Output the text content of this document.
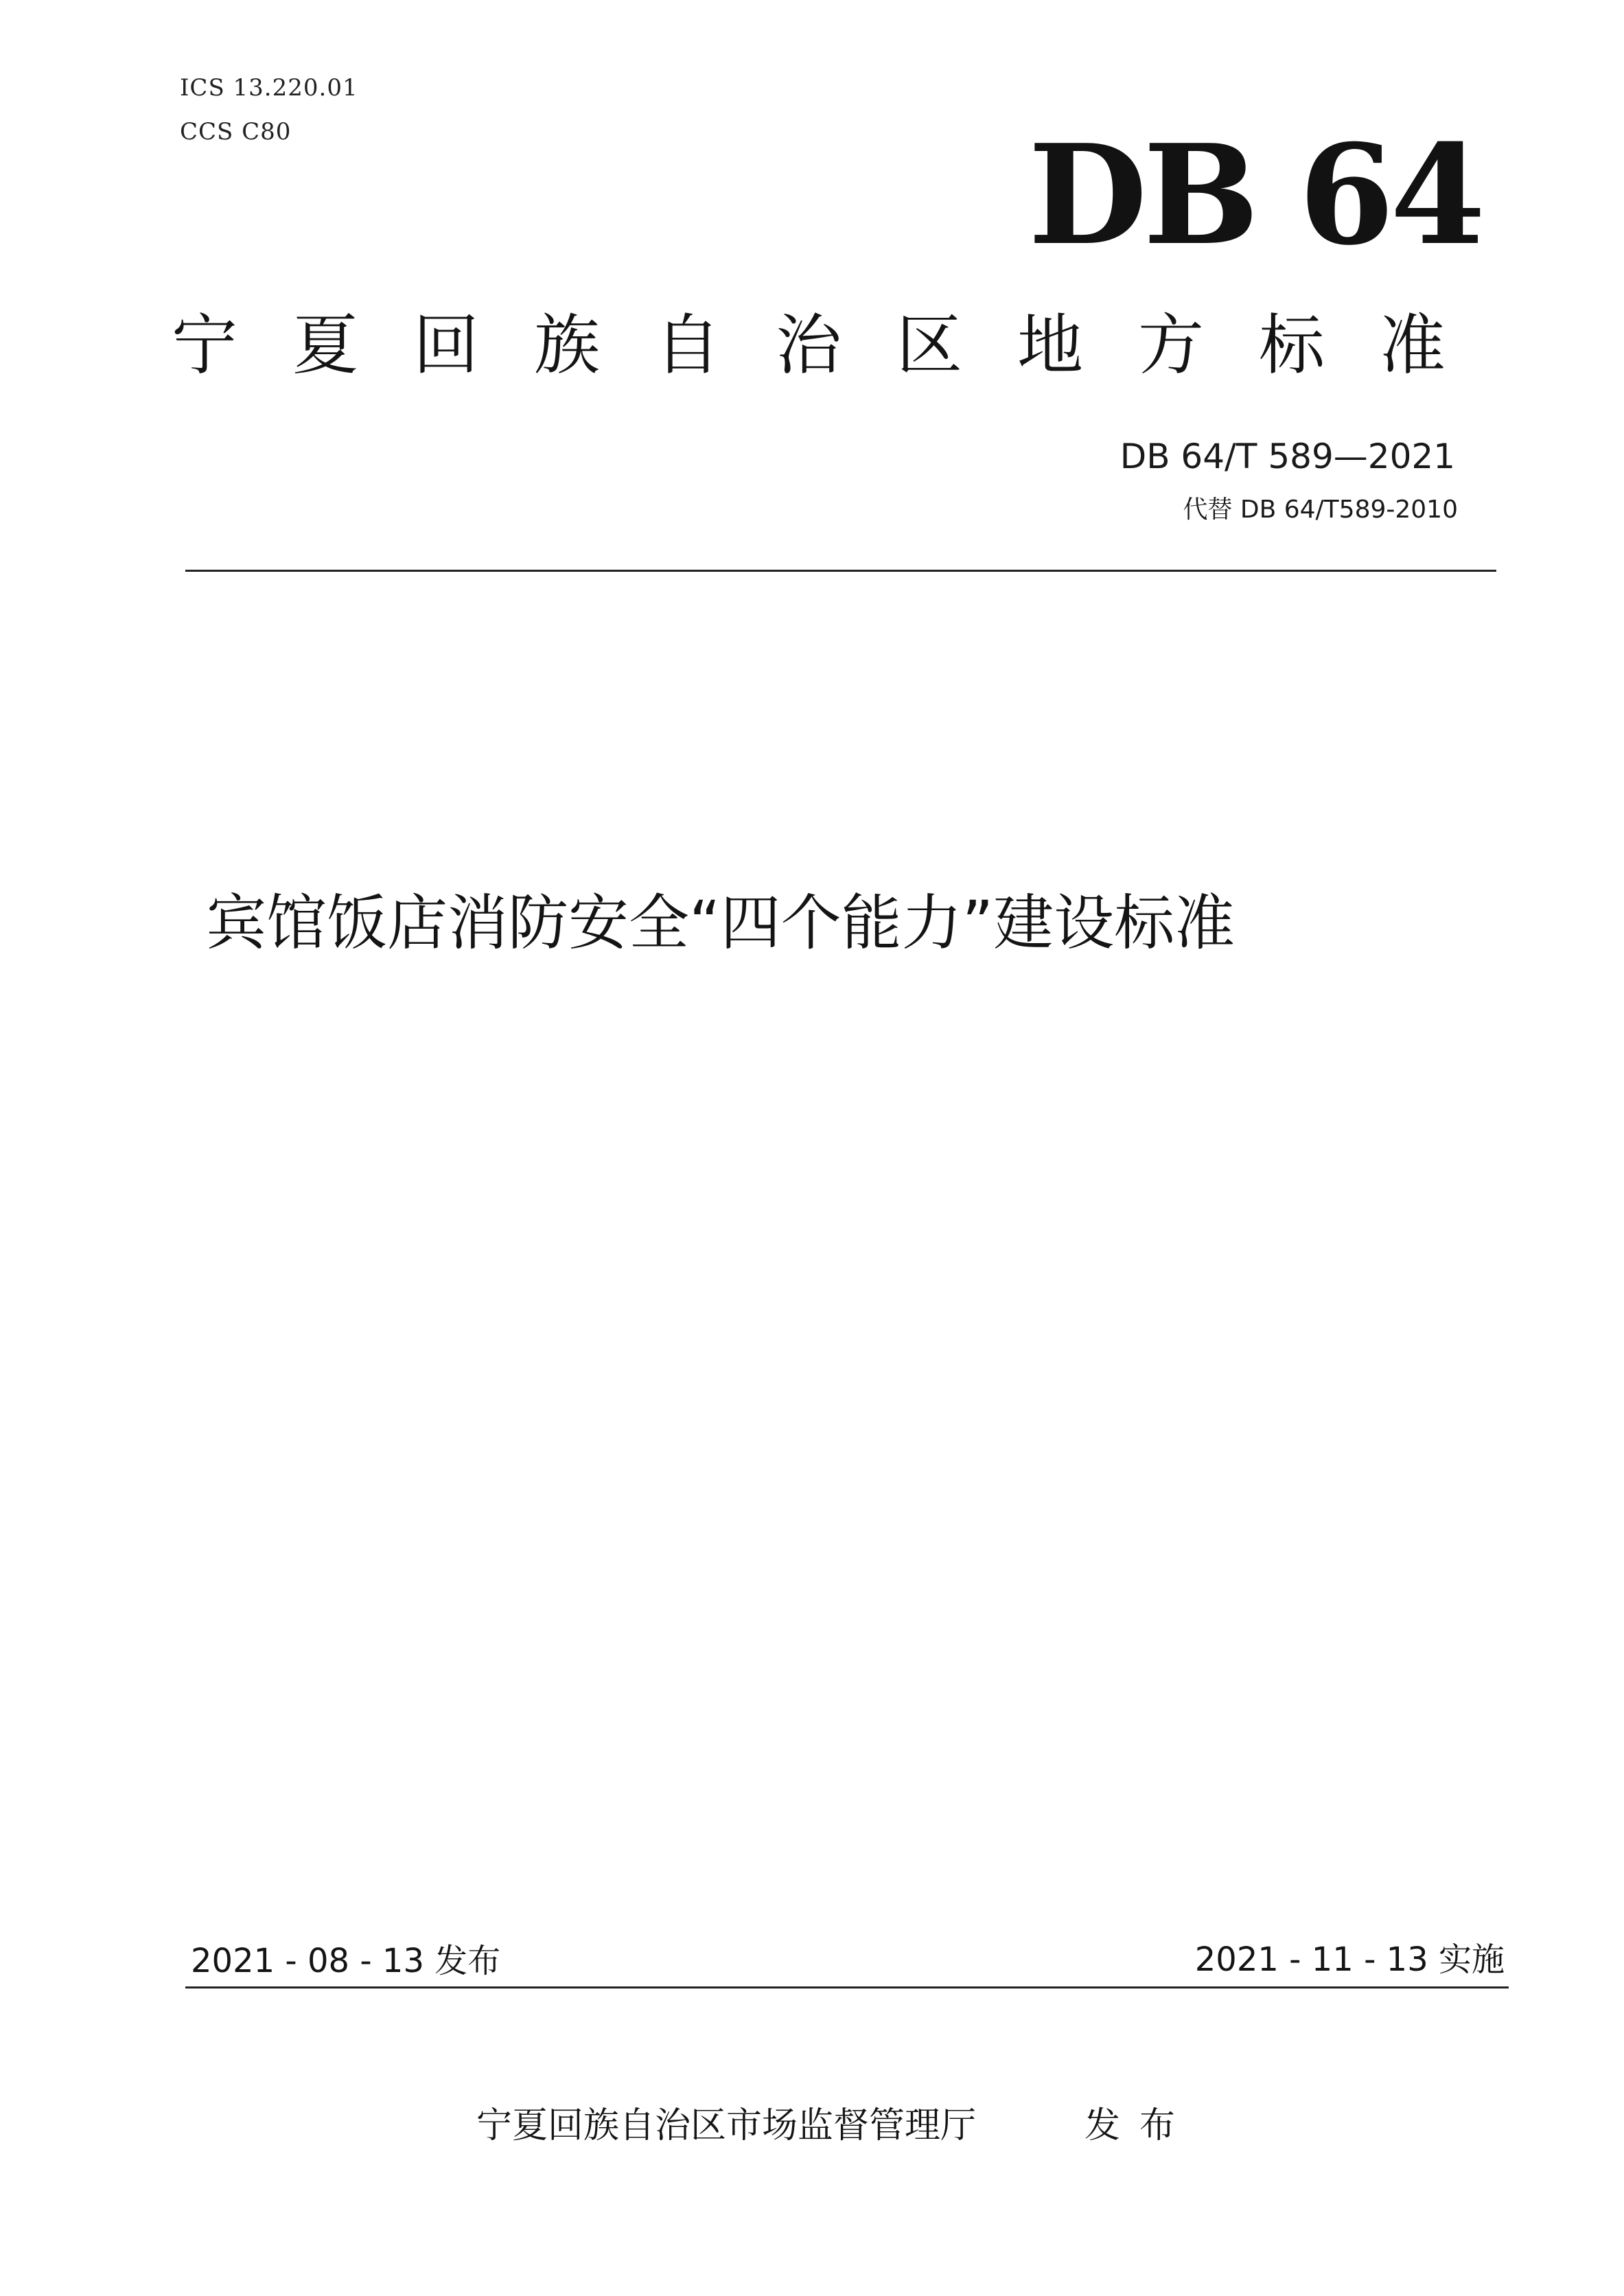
ICS 13.220.01
CCS C80	DB 64
宁夏回族自治区地方标准
DB 64/T 589—2021
代替 DB 64/T589-2010
宾馆饭店消防安全“四个能力”建设标准
2021 - 08 - 13 发布	2021 - 11 - 13 实施
宁夏回族自治区市场监督管理厅	发布
